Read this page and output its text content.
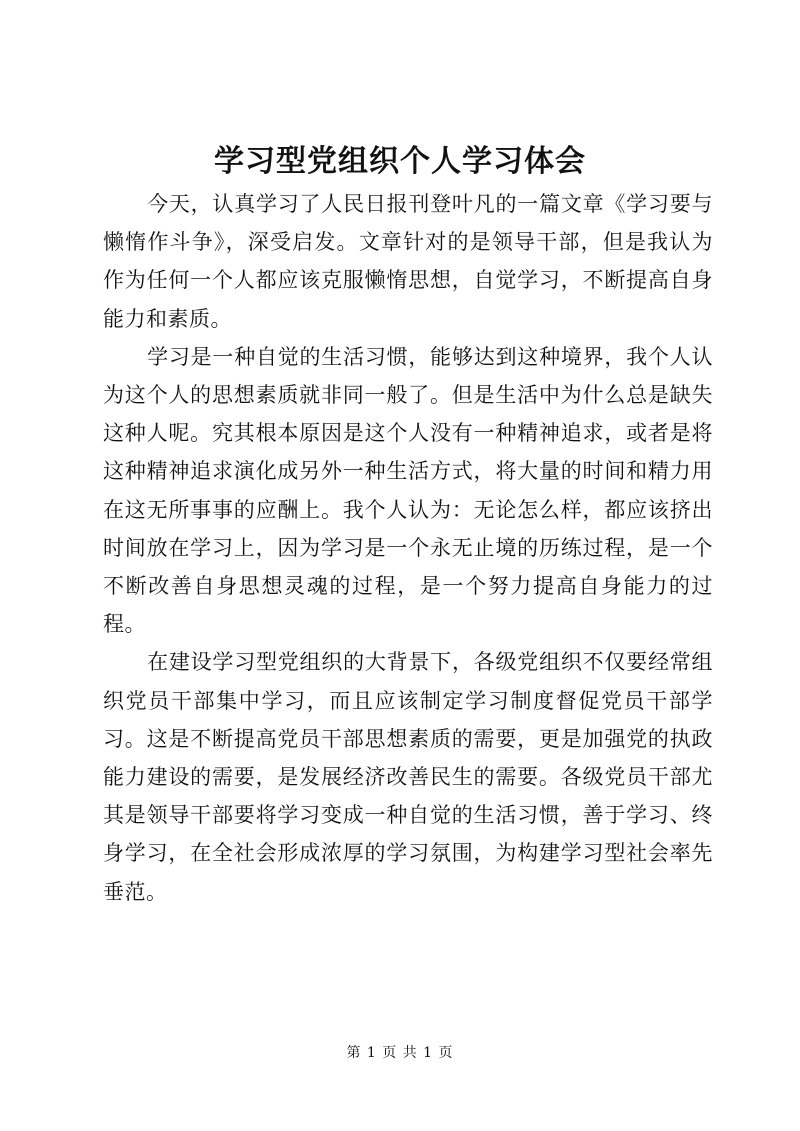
学习型党组织个人学习体会

今天，认真学习了人民日报刊登叶凡的一篇文章《学习要与懒惰作斗争》，深受启发。文章针对的是领导干部，但是我认为作为任何一个人都应该克服懒惰思想，自觉学习，不断提高自身能力和素质。

学习是一种自觉的生活习惯，能够达到这种境界，我个人认为这个人的思想素质就非同一般了。但是生活中为什么总是缺失这种人呢。究其根本原因是这个人没有一种精神追求，或者是将这种精神追求演化成另外一种生活方式，将大量的时间和精力用在这无所事事的应酬上。我个人认为：无论怎么样，都应该挤出时间放在学习上，因为学习是一个永无止境的历练过程，是一个不断改善自身思想灵魂的过程，是一个努力提高自身能力的过程。

在建设学习型党组织的大背景下，各级党组织不仅要经常组织党员干部集中学习，而且应该制定学习制度督促党员干部学习。这是不断提高党员干部思想素质的需要，更是加强党的执政能力建设的需要，是发展经济改善民生的需要。各级党员干部尤其是领导干部要将学习变成一种自觉的生活习惯，善于学习、终身学习，在全社会形成浓厚的学习氛围，为构建学习型社会率先垂范。

第 1 页 共 1 页
